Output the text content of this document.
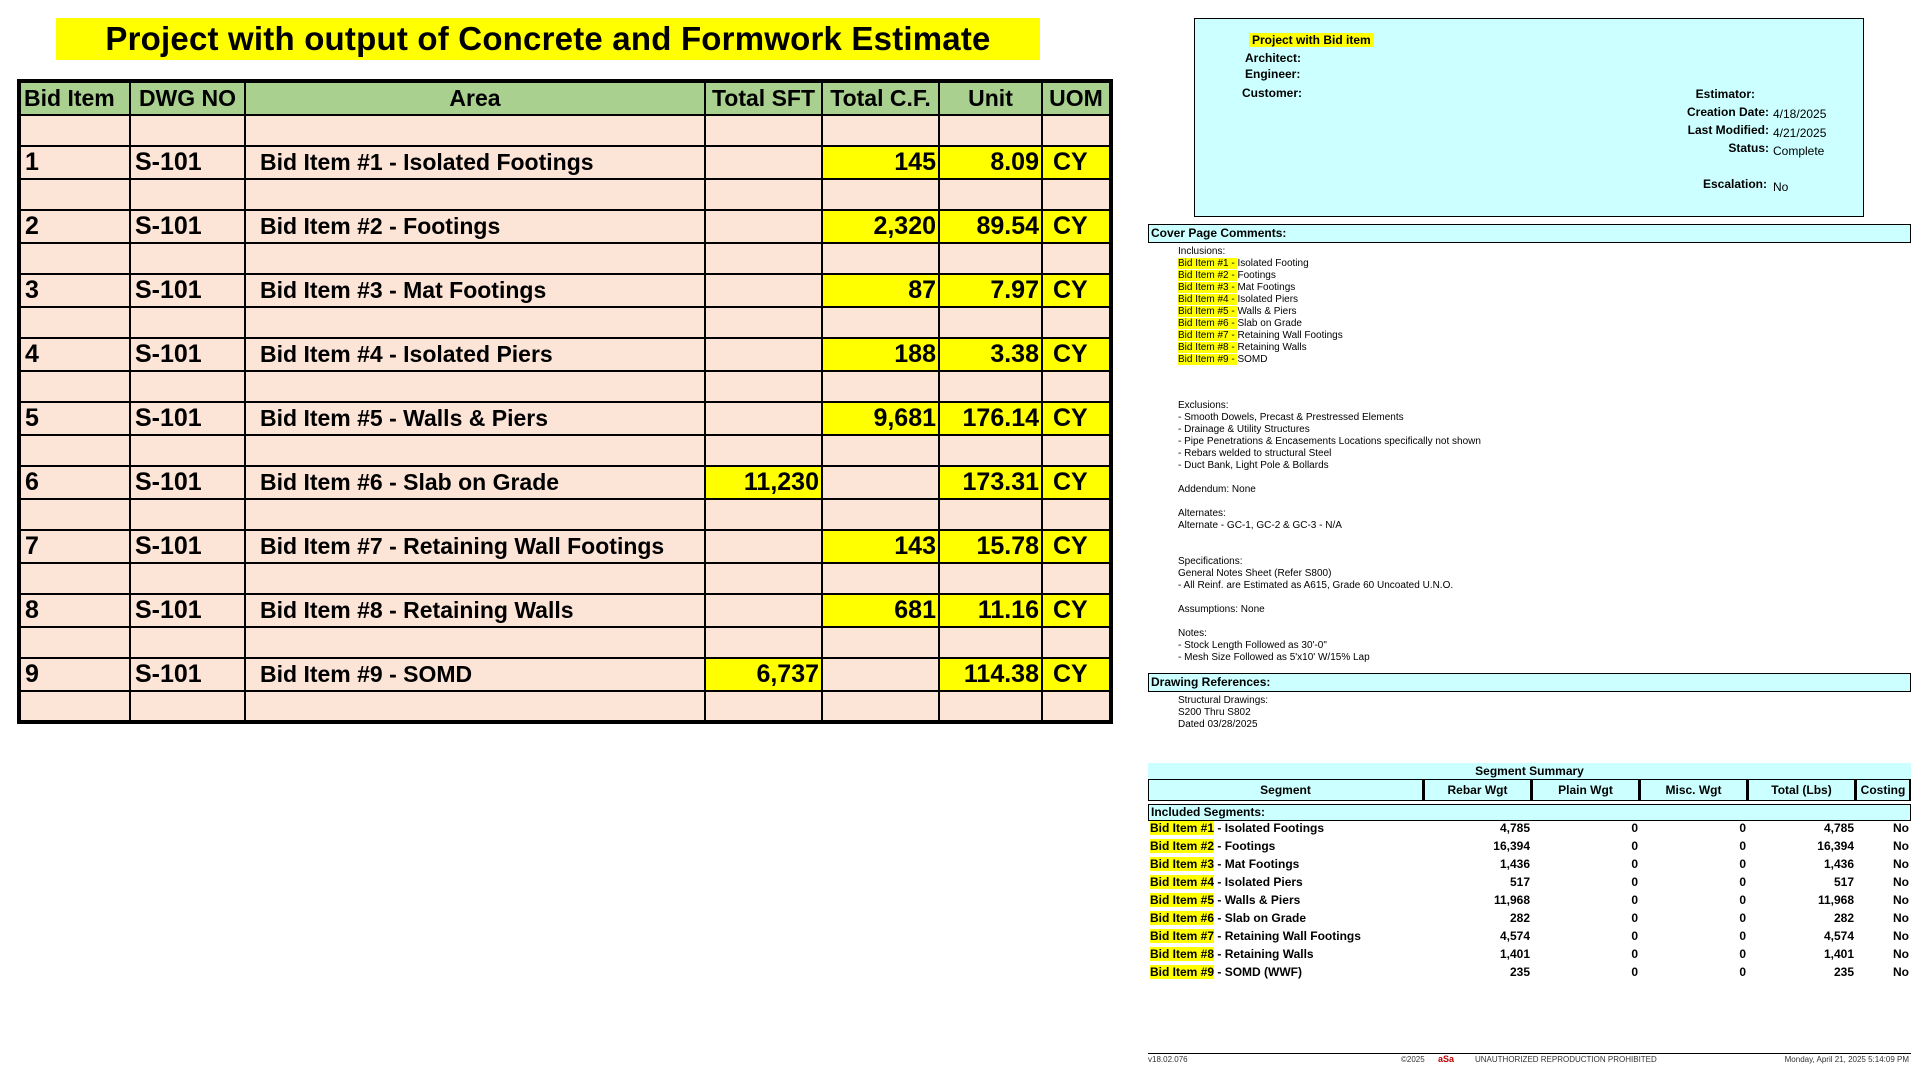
Project with output of Concrete and Formwork Estimate
Bid Item	DWG NO	Area	Total SFT	Total C.F.	Unit	UOM

1	S-101	Bid Item #1 - Isolated Footings		145	8.09	CY

2	S-101	Bid Item #2 - Footings		2,320	89.54	CY

3	S-101	Bid Item #3 - Mat Footings		87	7.97	CY

4	S-101	Bid Item #4 - Isolated Piers		188	3.38	CY

5	S-101	Bid Item #5 - Walls & Piers		9,681	176.14	CY

6	S-101	Bid Item #6 - Slab on Grade	11,230		173.31	CY

7	S-101	Bid Item #7 - Retaining Wall Footings		143	15.78	CY

8	S-101	Bid Item #8 - Retaining Walls		681	11.16	CY

9	S-101	Bid Item #9 - SOMD	6,737		114.38	CY

Project with Bid item
Architect:
Engineer:
Customer:	Estimator:
Creation Date: 4/18/2025
Last Modified: 4/21/2025
Status: Complete
Escalation: No
Cover Page Comments:
Inclusions:
Bid Item #1 - Isolated Footing
Bid Item #2 - Footings
Bid Item #3 - Mat Footings
Bid Item #4 - Isolated Piers
Bid Item #5 - Walls & Piers
Bid Item #6 - Slab on Grade
Bid Item #7 - Retaining Wall Footings
Bid Item #8 - Retaining Walls
Bid Item #9 - SOMD
Exclusions:
- Smooth Dowels, Precast & Prestressed Elements
- Drainage & Utility Structures
- Pipe Penetrations & Encasements Locations specifically not shown
- Rebars welded to structural Steel
- Duct Bank, Light Pole & Bollards
Addendum: None
Alternates:
Alternate - GC-1, GC-2 & GC-3 - N/A
Specifications:
General Notes Sheet (Refer S800)
- All Reinf. are Estimated as A615, Grade 60 Uncoated U.N.O.
Assumptions: None
Notes:
- Stock Length Followed as 30'-0"
- Mesh Size Followed as 5'x10' W/15% Lap
Drawing References:
Structural Drawings:
S200 Thru S802
Dated 03/28/2025
Segment Summary
Segment	Rebar Wgt	Plain Wgt	Misc. Wgt	Total (Lbs)	Costing
Included Segments:
Bid Item #1 - Isolated Footings	4,785	0	0	4,785	No
Bid Item #2 - Footings	16,394	0	0	16,394	No
Bid Item #3 - Mat Footings	1,436	0	0	1,436	No
Bid Item #4 - Isolated Piers	517	0	0	517	No
Bid Item #5 - Walls & Piers	11,968	0	0	11,968	No
Bid Item #6 - Slab on Grade	282	0	0	282	No
Bid Item #7 - Retaining Wall Footings	4,574	0	0	4,574	No
Bid Item #8 - Retaining Walls	1,401	0	0	1,401	No
Bid Item #9 - SOMD (WWF)	235	0	0	235	No
v18.02.076	©2025 aSa	UNAUTHORIZED REPRODUCTION PROHIBITED	Monday, April 21, 2025 5:14:09 PM
